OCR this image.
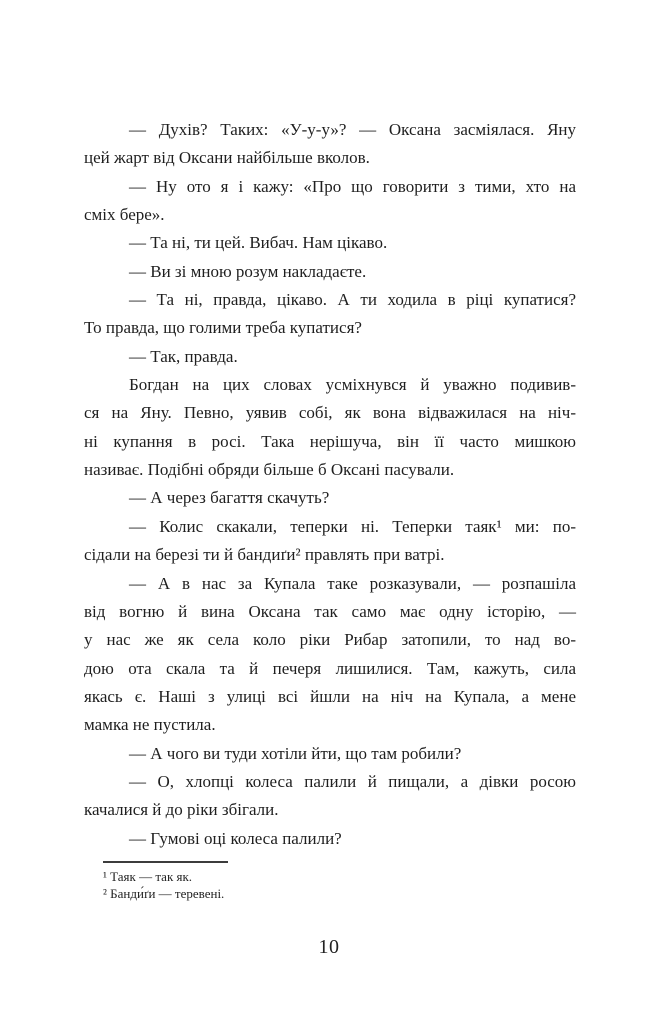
— Духів? Таких: «У-у-у»? — Оксана засміялася. Яну
цей жарт від Оксани найбільше вколов.
— Ну ото я і кажу: «Про що говорити з тими, хто на
сміх бере».
— Та ні, ти цей. Вибач. Нам цікаво.
— Ви зі мною розум накладаєте.
— Та ні, правда, цікаво. А ти ходила в ріці купатися?
То правда, що голими треба купатися?
— Так, правда.
Богдан на цих словах усміхнувся й уважно подивив-
ся на Яну. Певно, уявив собі, як вона відважилася на ніч-
ні купання в росі. Така нерішуча, він її часто мишкою
називає. Подібні обряди більше б Оксані пасували.
— А через багаття скачуть?
— Колис скакали, теперки ні. Теперки таяк¹ ми: по-
сідали на березі ти й бандиґи² правлять при ватрі.
— А в нас за Купала таке розказували, — розпашіла
від вогню й вина Оксана так само має одну історію, —
у нас же як села коло ріки Рибар затопили, то над во-
дою ота скала та й печеря лишилися. Там, кажуть, сила
якась є. Наші з улиці всі йшли на ніч на Купала, а мене
мамка не пустила.
— А чого ви туди хотіли йти, що там робили?
— О, хлопці колеса палили й пищали, а дівки росою
качалися й до ріки збігали.
— Гумові оці колеса палили?
¹ Таяк — так як.
² Банди́ґи — теревені.
10
